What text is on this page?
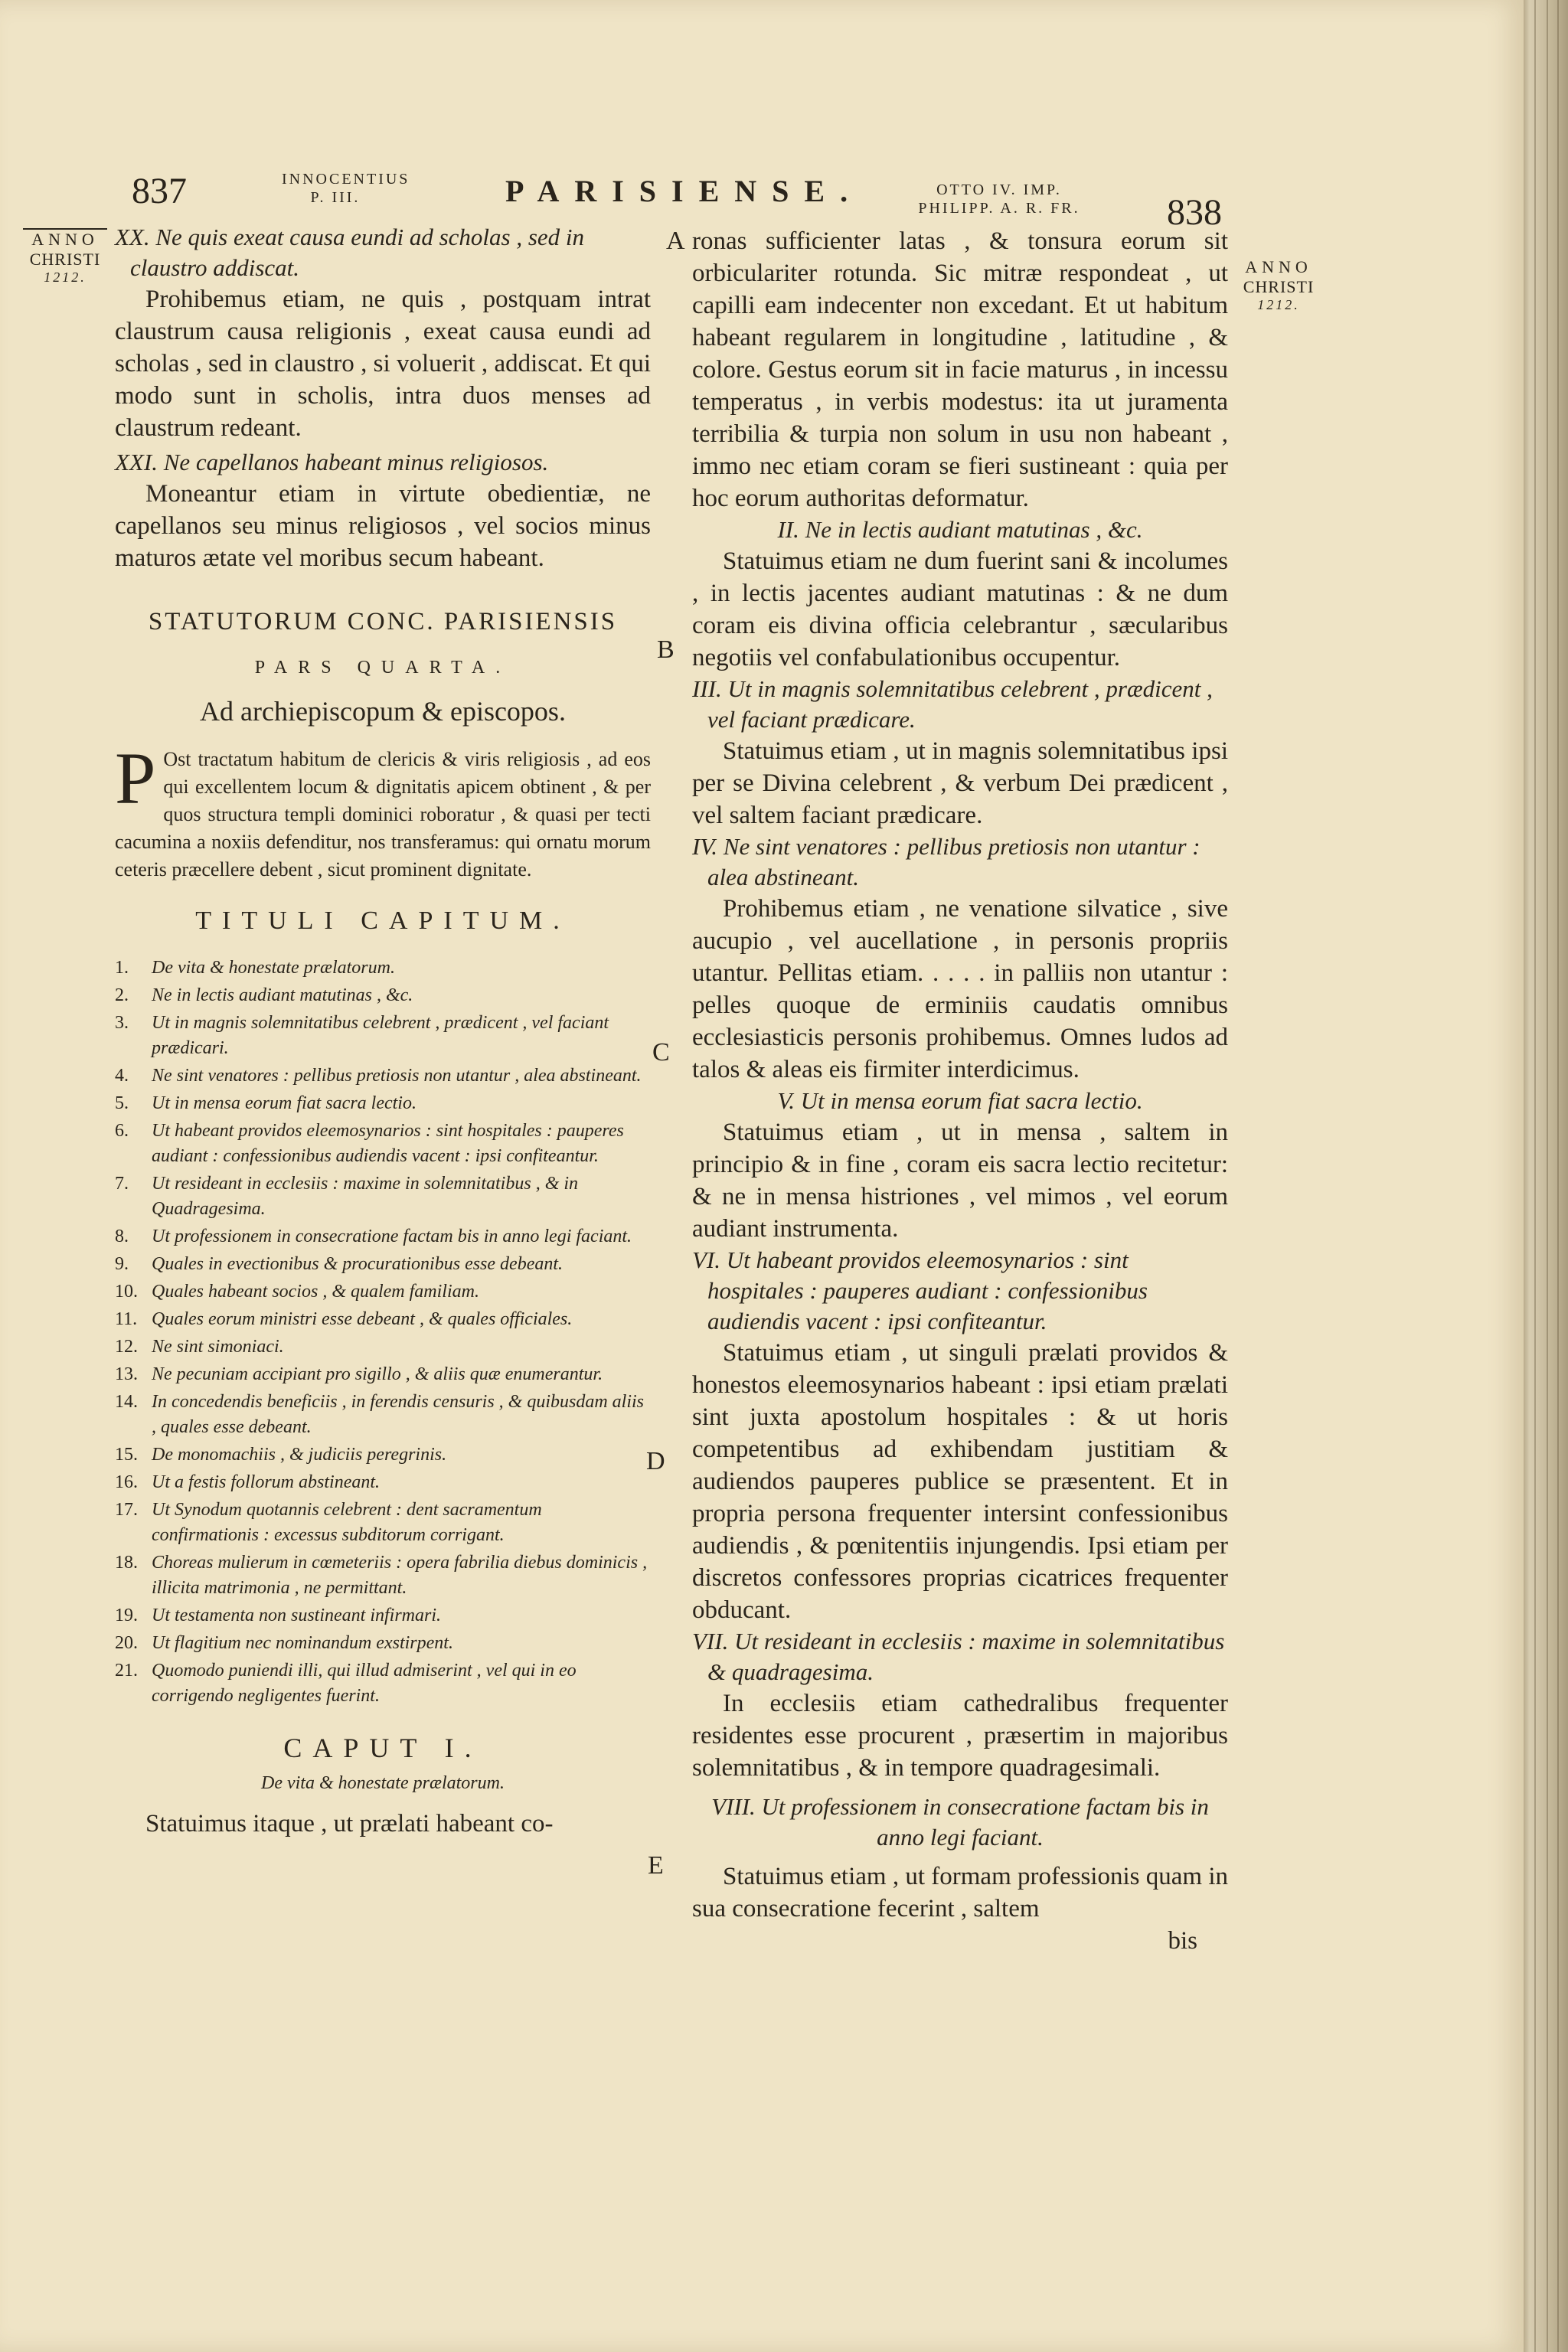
837	INNOCENTIUS
P. III.	PARISIENSE.	OTTO IV. IMP.
PHILIPP. A. R. FR.	838
ANNO
CHRISTI
1212.
ANNO
CHRISTI
1212.
A
B
C
D
E

XX. Ne quis exeat causa eundi ad scholas , sed in claustro addiscat.

Prohibemus etiam, ne quis , postquam intrat claustrum causa religionis , exeat causa eundi ad scholas , sed in claustro , si voluerit , addiscat. Et qui modo sunt in scholis, intra duos menses ad claustrum redeant.

XXI. Ne capellanos habeant minus religiosos.

Moneantur etiam in virtute obedientiæ, ne capellanos seu minus religiosos , vel socios minus maturos ætate vel moribus secum habeant.

STATUTORUM CONC. PARISIENSIS

PARS QUARTA.

Ad archiepiscopum & episcopos.

P Ost tractatum habitum de clericis & viris religiosis , ad eos qui excellentem locum & dignitatis apicem obtinent , & per quos structura templi dominici roboratur , & quasi per tecti cacumina a noxiis defenditur, nos transferamus: qui ornatu morum ceteris præcellere debent , sicut prominent dignitate.

TITULI CAPITUM.

1. De vita & honestate prælatorum.
2. Ne in lectis audiant matutinas , &c.
3. Ut in magnis solemnitatibus celebrent , prædicent , vel faciant prædicari.
4. Ne sint venatores : pellibus pretiosis non utantur , alea abstineant.
5. Ut in mensa eorum fiat sacra lectio.
6. Ut habeant providos eleemosynarios : sint hospitales : pauperes audiant : confessionibus audiendis vacent : ipsi confiteantur.
7. Ut resideant in ecclesiis : maxime in solemnitatibus , & in Quadragesima.
8. Ut professionem in consecratione factam bis in anno legi faciant.
9. Quales in evectionibus & procurationibus esse debeant.
10. Quales habeant socios , & qualem familiam.
11. Quales eorum ministri esse debeant , & quales officiales.
12. Ne sint simoniaci.
13. Ne pecuniam accipiant pro sigillo , & aliis quæ enumerantur.
14. In concedendis beneficiis , in ferendis censuris , & quibusdam aliis , quales esse debeant.
15. De monomachiis , & judiciis peregrinis.
16. Ut a festis follorum abstineant.
17. Ut Synodum quotannis celebrent : dent sacramentum confirmationis : excessus subditorum corrigant.
18. Choreas mulierum in cœmeteriis : opera fabrilia diebus dominicis , illicita matrimonia , ne permittant.
19. Ut testamenta non sustineant infirmari.
20. Ut flagitium nec nominandum exstirpent.
21. Quomodo puniendi illi, qui illud admiserint , vel qui in eo corrigendo negligentes fuerint.

CAPUT I.

De vita & honestate prælatorum.

Statuimus itaque , ut prælati habeant co-

ronas sufficienter latas , & tonsura eorum sit orbiculariter rotunda. Sic mitræ respondeat , ut capilli eam indecenter non excedant. Et ut habitum habeant regularem in longitudine , latitudine , & colore. Gestus eorum sit in facie maturus , in incessu temperatus , in verbis modestus: ita ut juramenta terribilia & turpia non solum in usu non habeant , immo nec etiam coram se fieri sustineant : quia per hoc eorum authoritas deformatur.

II. Ne in lectis audiant matutinas , &c.

Statuimus etiam ne dum fuerint sani & incolumes , in lectis jacentes audiant matutinas : & ne dum coram eis divina officia celebrantur , sæcularibus negotiis vel confabulationibus occupentur.

III. Ut in magnis solemnitatibus celebrent , prædicent , vel faciant prædicare.

Statuimus etiam , ut in magnis solemnitatibus ipsi per se Divina celebrent , & verbum Dei prædicent , vel saltem faciant prædicare.

IV. Ne sint venatores : pellibus pretiosis non utantur : alea abstineant.

Prohibemus etiam , ne venatione silvatice , sive aucupio , vel aucellatione , in personis propriis utantur. Pellitas etiam. . . . . in palliis non utantur : pelles quoque de erminiis caudatis omnibus ecclesiasticis personis prohibemus. Omnes ludos ad talos & aleas eis firmiter interdicimus.

V. Ut in mensa eorum fiat sacra lectio.

Statuimus etiam , ut in mensa , saltem in principio & in fine , coram eis sacra lectio recitetur: & ne in mensa histriones , vel mimos , vel eorum audiant instrumenta.

VI. Ut habeant providos eleemosynarios : sint hospitales : pauperes audiant : confessionibus audiendis vacent : ipsi confiteantur.

Statuimus etiam , ut singuli prælati providos & honestos eleemosynarios habeant : ipsi etiam prælati sint juxta apostolum hospitales : & ut horis competentibus ad exhibendam justitiam & audiendos pauperes publice se præsentent. Et in propria persona frequenter intersint confessionibus audiendis , & pœnitentiis injungendis. Ipsi etiam per discretos confessores proprias cicatrices frequenter obducant.

VII. Ut resideant in ecclesiis : maxime in solemnitatibus & quadragesima.

In ecclesiis etiam cathedralibus frequenter residentes esse procurent , præsertim in majoribus solemnitatibus , & in tempore quadragesimali.

VIII. Ut professionem in consecratione factam bis in anno legi faciant.

Statuimus etiam , ut formam professionis quam in sua consecratione fecerint , saltem

bis
